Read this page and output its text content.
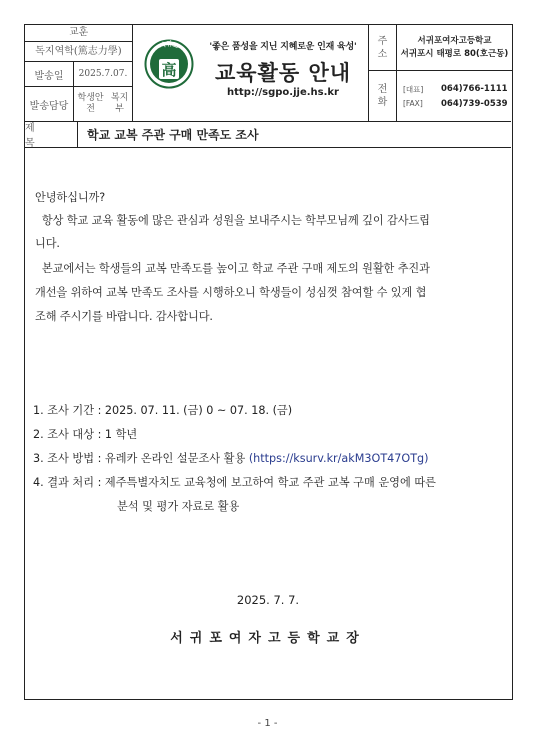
교훈
독지역학(篤志力學)
발송일	2025.7.07.
발송담당
학생안전

복지부
서귀포
高
'좋은 품성을 지닌 지혜로운 인재 육성'
교육활동 안내
http://sgpo.jje.hs.kr
주
소
서귀포여자고등학교
서귀포시 태평로 80(호근동)
전
화
[대표] 064)766-1111
[FAX] 064)739-0539
제 목
학교 교복 주관 구매 만족도 조사
안녕하십니까?
항상 학교 교육 활동에 많은 관심과 성원을 보내주시는 학부모님께 깊이 감사드립
니다.
본교에서는 학생들의 교복 만족도를 높이고 학교 주관 구매 제도의 원활한 추진과
개선을 위하여 교복 만족도 조사를 시행하오니 학생들이 성심껏 참여할 수 있게 협
조해 주시기를 바랍니다. 감사합니다.
1. 조사 기간 : 2025. 07. 11. (금) 0 ~ 07. 18. (금)
2. 조사 대상 : 1 학년
3. 조사 방법 : 유레카 온라인 설문조사 활용 (https://ksurv.kr/akM3OT47OTg)
4. 결과 처리 : 제주특별자치도 교육청에 보고하여 학교 주관 교복 구매 운영에 따른
분석 및 평가 자료로 활용
2025. 7. 7.
서귀포여자고등학교장
- 1 -
